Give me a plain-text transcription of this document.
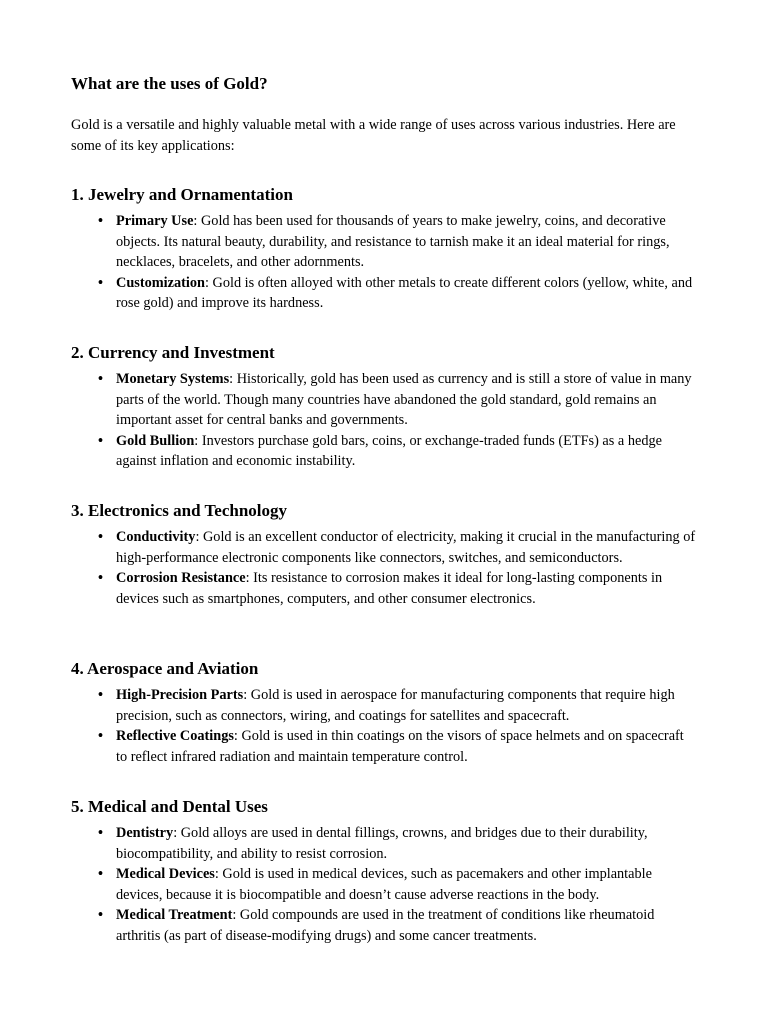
What are the uses of Gold?

Gold is a versatile and highly valuable metal with a wide range of uses across various industries. Here are some of its key applications:

1. Jewelry and Ornamentation
• Primary Use: Gold has been used for thousands of years to make jewelry, coins, and decorative objects. Its natural beauty, durability, and resistance to tarnish make it an ideal material for rings, necklaces, bracelets, and other adornments.
• Customization: Gold is often alloyed with other metals to create different colors (yellow, white, and rose gold) and improve its hardness.
2. Currency and Investment
• Monetary Systems: Historically, gold has been used as currency and is still a store of value in many parts of the world. Though many countries have abandoned the gold standard, gold remains an important asset for central banks and governments.
• Gold Bullion: Investors purchase gold bars, coins, or exchange-traded funds (ETFs) as a hedge against inflation and economic instability.
3. Electronics and Technology
• Conductivity: Gold is an excellent conductor of electricity, making it crucial in the manufacturing of high-performance electronic components like connectors, switches, and semiconductors.
• Corrosion Resistance: Its resistance to corrosion makes it ideal for long-lasting components in devices such as smartphones, computers, and other consumer electronics.
4. Aerospace and Aviation
• High-Precision Parts: Gold is used in aerospace for manufacturing components that require high precision, such as connectors, wiring, and coatings for satellites and spacecraft.
• Reflective Coatings: Gold is used in thin coatings on the visors of space helmets and on spacecraft to reflect infrared radiation and maintain temperature control.
5. Medical and Dental Uses
• Dentistry: Gold alloys are used in dental fillings, crowns, and bridges due to their durability, biocompatibility, and ability to resist corrosion.
• Medical Devices: Gold is used in medical devices, such as pacemakers and other implantable devices, because it is biocompatible and doesn’t cause adverse reactions in the body.
• Medical Treatment: Gold compounds are used in the treatment of conditions like rheumatoid arthritis (as part of disease-modifying drugs) and some cancer treatments.
